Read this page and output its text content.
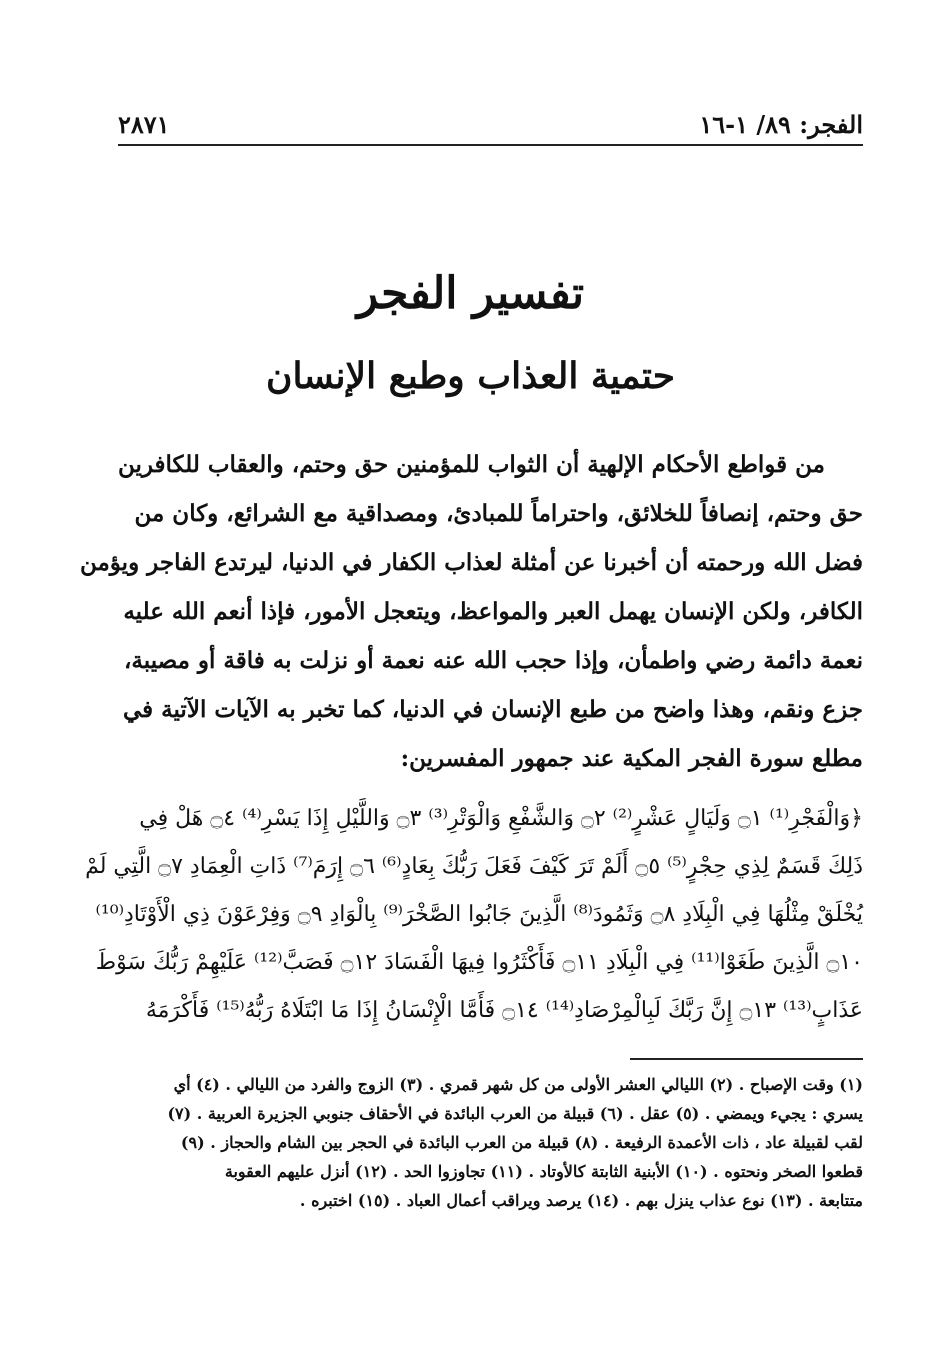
الفجر: ٨٩/ ١-١٦
٢٨٧١
تفسير الفجر
حتمية العذاب وطبع الإنسان
من قواطع الأحكام الإلهية أن الثواب للمؤمنين حق وحتم، والعقاب للكافرين
حق وحتم، إنصافاً للخلائق، واحتراماً للمبادئ، ومصداقية مع الشرائع، وكان من
فضل الله ورحمته أن أخبرنا عن أمثلة لعذاب الكفار في الدنيا، ليرتدع الفاجر ويؤمن
الكافر، ولكن الإنسان يهمل العبر والمواعظ، ويتعجل الأمور، فإذا أنعم الله عليه
نعمة دائمة رضي واطمأن، وإذا حجب الله عنه نعمة أو نزلت به فاقة أو مصيبة،
جزع ونقم، وهذا واضح من طبع الإنسان في الدنيا، كما تخبر به الآيات الآتية في
مطلع سورة الفجر المكية عند جمهور المفسرين:
﴿وَالْفَجْرِ⁽¹⁾ ۝١ وَلَيَالٍ عَشْرٍ⁽²⁾ ۝٢ وَالشَّفْعِ وَالْوَتْرِ⁽³⁾ ۝٣ وَاللَّيْلِ إِذَا يَسْرِ⁽⁴⁾ ۝٤ هَلْ فِي
ذَلِكَ قَسَمٌ لِذِي حِجْرٍ⁽⁵⁾ ۝٥ أَلَمْ تَرَ كَيْفَ فَعَلَ رَبُّكَ بِعَادٍ⁽⁶⁾ ۝٦ إِرَمَ⁽⁷⁾ ذَاتِ الْعِمَادِ ۝٧ الَّتِي لَمْ
يُخْلَقْ مِثْلُهَا فِي الْبِلَادِ ۝٨ وَثَمُودَ⁽⁸⁾ الَّذِينَ جَابُوا الصَّخْرَ⁽⁹⁾ بِالْوَادِ ۝٩ وَفِرْعَوْنَ ذِي الْأَوْتَادِ⁽¹⁰⁾
۝١٠ الَّذِينَ طَغَوْا⁽¹¹⁾ فِي الْبِلَادِ ۝١١ فَأَكْثَرُوا فِيهَا الْفَسَادَ ۝١٢ فَصَبَّ⁽¹²⁾ عَلَيْهِمْ رَبُّكَ سَوْطَ
عَذَابٍ⁽¹³⁾ ۝١٣ إِنَّ رَبَّكَ لَبِالْمِرْصَادِ⁽¹⁴⁾ ۝١٤ فَأَمَّا الْإِنْسَانُ إِذَا مَا ابْتَلَاهُ رَبُّهُ⁽¹⁵⁾ فَأَكْرَمَهُ
(١) وقت الإصباح . (٢) الليالي العشر الأولى من كل شهر قمري . (٣) الزوج والفرد من الليالي . (٤) أي
يسري : يجيء ويمضي . (٥) عقل . (٦) قبيلة من العرب البائدة في الأحقاف جنوبي الجزيرة العربية . (٧)
لقب لقبيلة عاد ، ذات الأعمدة الرفيعة . (٨) قبيلة من العرب البائدة في الحجر بين الشام والحجاز . (٩)
قطعوا الصخر ونحتوه . (١٠) الأبنية الثابتة كالأوتاد . (١١) تجاوزوا الحد . (١٢) أنزل عليهم العقوبة
متتابعة . (١٣) نوع عذاب ينزل بهم . (١٤) يرصد ويراقب أعمال العباد . (١٥) اختبره .
